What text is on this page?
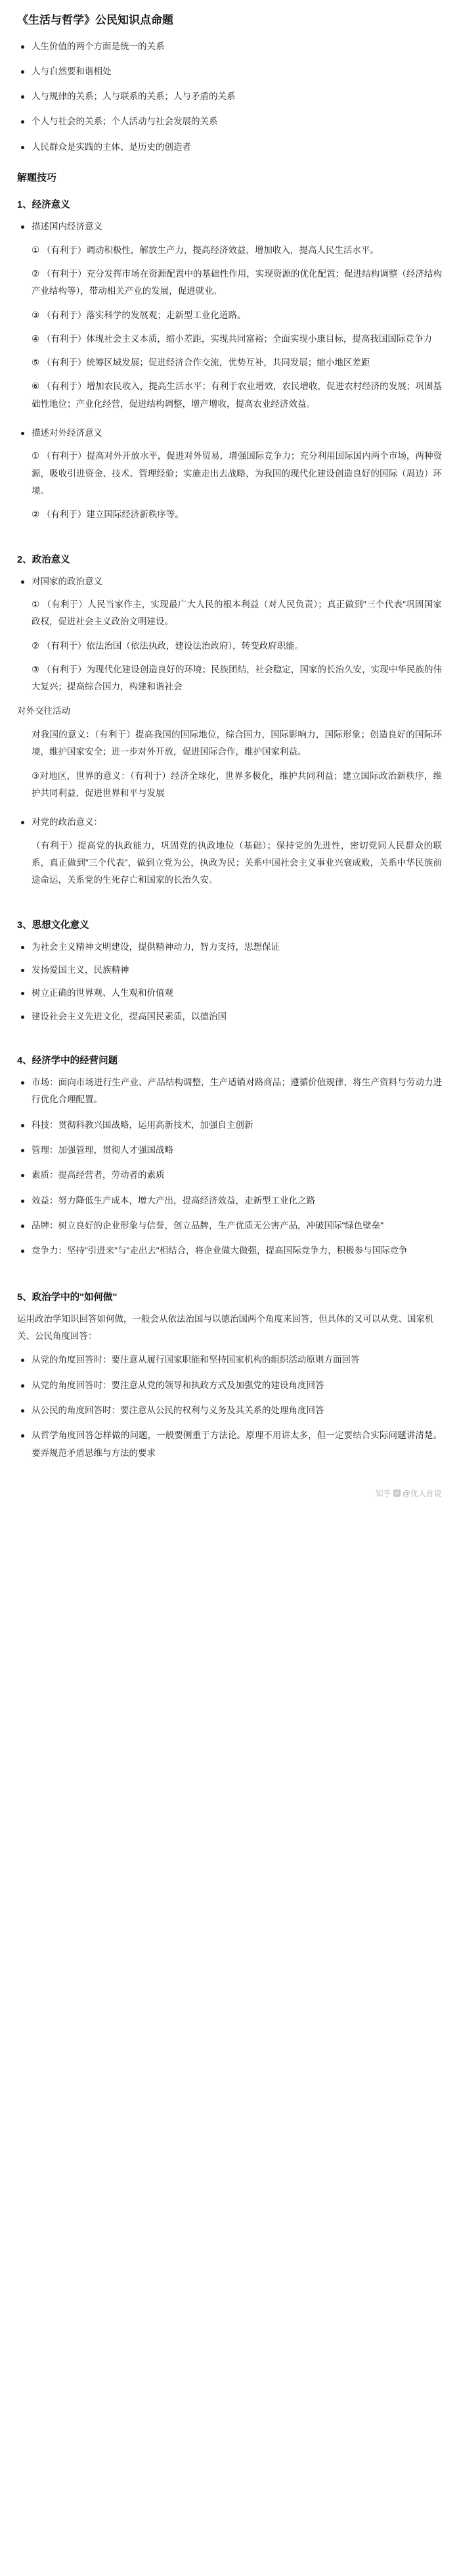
《生活与哲学》公民知识点命题
人生价值的两个方面是统一的关系
人与自然要和谐相处
人与规律的关系；人与联系的关系；人与矛盾的关系
个人与社会的关系；个人活动与社会发展的关系
人民群众是实践的主体、是历史的创造者
解题技巧
1、经济意义
描述国内经济意义

① （有利于）调动积极性，解放生产力，提高经济效益，增加收入，提高人民生活水平。

② （有利于）充分发挥市场在资源配置中的基础性作用，实现资源的优化配置；促进结构调整（经济结构产业结构等），带动相关产业的发展，促进就业。

③ （有利于）落实科学的发展观；走新型工业化道路。

④ （有利于）体现社会主义本质，缩小差距，实现共同富裕；全面实现小康目标，提高我国国际竞争力

⑤ （有利于）统筹区域发展；促进经济合作交流，优势互补，共同发展；缩小地区差距

⑥ （有利于）增加农民收入，提高生活水平；有利于农业增效，农民增收，促进农村经济的发展；巩固基础性地位；产业化经营，促进结构调整，增产增收，提高农业经济效益。

描述对外经济意义

① （有利于）提高对外开放水平，促进对外贸易，增强国际竞争力；充分利用国际国内两个市场，两种资源，吸收引进资金、技术、管理经验；实施走出去战略，为我国的现代化建设创造良好的国际（周边）环境。

② （有利于）建立国际经济新秩序等。

2、政治意义
对国家的政治意义

① （有利于）人民当家作主，实现最广大人民的根本利益（对人民负责）；真正做到"三个代表"巩固国家政权，促进社会主义政治文明建设。

② （有利于）依法治国（依法执政，建设法治政府），转变政府职能。

③ （有利于）为现代化建设创造良好的环境；民族团结，社会稳定，国家的长治久安，实现中华民族的伟大复兴；提高综合国力，构建和谐社会

对外交往活动

对我国的意义：（有利于）提高我国的国际地位，综合国力，国际影响力，国际形象；创造良好的国际环境，维护国家安全；进一步对外开放，促进国际合作，维护国家利益。

③对地区，世界的意义：（有利于）经济全球化，世界多极化，维护共同利益；建立国际政治新秩序，维护共同利益，促进世界和平与发展

对党的政治意义：

（有利于）提高党的执政能力，巩固党的执政地位（基础）；保持党的先进性，密切党同人民群众的联系，真正做到"三个代表"，做到立党为公，执政为民；关系中国社会主义事业兴衰成败，关系中华民族前途命运，关系党的生死存亡和国家的长治久安。

3、思想文化意义
为社会主义精神文明建设，提供精神动力，智力支持，思想保证
发扬爱国主义，民族精神
树立正确的世界观、人生观和价值观
建设社会主义先进文化，提高国民素质，以德治国
4、经济学中的经营问题
市场：面向市场进行生产业、产品结构调整，生产适销对路商品；遵循价值规律，将生产资料与劳动力进行优化合理配置。
科技：贯彻科教兴国战略，运用高新技术，加强自主创新
管理：加强管理，贯彻人才强国战略
素质：提高经营者，劳动者的素质
效益：努力降低生产成本，增大产出，提高经济效益，走新型工业化之路
品牌：树立良好的企业形象与信誉，创立品牌，生产优质无公害产品，冲破国际"绿色壁垒"
竞争力：坚持"引进来"与"走出去"相结合，将企业做大做强，提高国际竞争力，积极参与国际竞争
5、政治学中的"如何做"

运用政治学知识回答如何做，一般会从依法治国与以德治国两个角度来回答，但具体的又可以从党、国家机关、公民角度回答：

从党的角度回答时：要注意从履行国家职能和坚持国家机构的组织活动原则方面回答
从党的角度回答时：要注意从党的领导和执政方式及加强党的建设角度回答
从公民的角度回答时：要注意从公民的权利与义务及其关系的处理角度回答
从哲学角度回答怎样做的问题，一般要侧重于方法论。原理不用讲太多，但一定要结合实际问题讲清楚。要弄规范矛盾思维与方法的要求
知乎 @优人首说
